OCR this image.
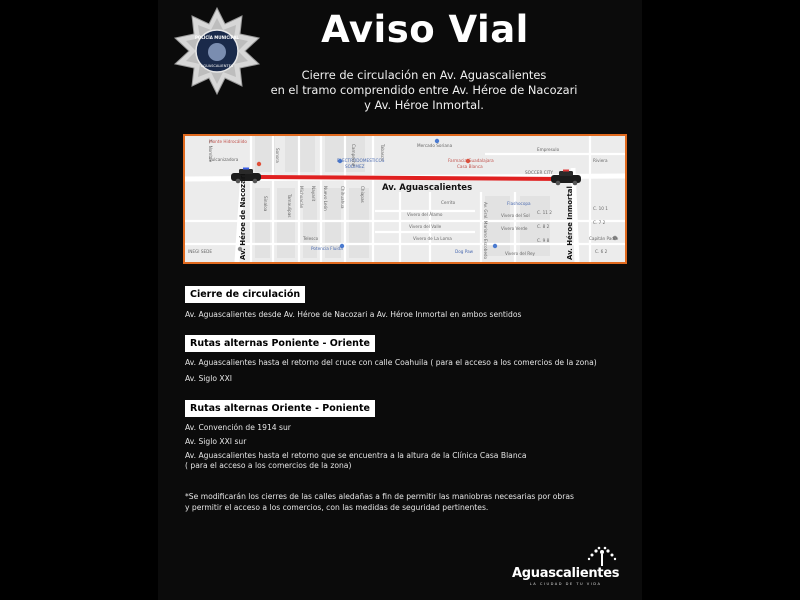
POLICÍA MUNICIPAL
AGUASCALIENTES
Aviso Vial
Cierre de circulación en Av. Aguascalientes
en el tramo comprendido entre Av. Héroe de Nacozari
y Av. Héroe Inmortal.
Monte Hidrocálido
Vulcanizadora	ELECTRODOMESTICOS
SODIMEZ
Mercado Soriana
Farmacia Guadalajara
Casa Blanca
SOCCER CITY
Flashocopa
Potencia Fluida
Dog Paw
INEGI SEDE
Empresulo
Riviera
Vivero del Álamo
Vivero del Valle
Vivero de La Loma
Vivero Verde
Vivero del Sol
Vivero del Rey
Capitán Padre
Telesco
Cerrito
Sonora
Sinaloa	Tamaulipas Michoacán Nayarit Nuevo León	Chihuahua	Chiapas
Campeche	Tabasco
Av. Gral. Mariano Escobedo
C. Nombre
C. 11 2
C. 10 1
C. 9 8
C. 8 2
C. 7 2
C. 6 2
Av. Aguascalientes
Av. Héroe de Nacozari	Av. Héroe Inmortal
Cierre de circulación
Av. Aguascalientes desde Av. Héroe de Nacozari a Av. Héroe Inmortal en ambos sentidos
Rutas alternas Poniente - Oriente
Av. Aguascalientes hasta el retorno del cruce con calle Coahuila ( para el acceso a los comercios de la zona)
Av. Siglo XXI
Rutas alternas Oriente - Poniente
Av. Convención de 1914 sur
Av. Siglo XXI sur
Av. Aguascalientes hasta el retorno que se encuentra a la altura de la Clínica Casa Blanca
( para el acceso a los comercios de la zona)
*Se modificarán los cierres de las calles aledañas a fin de permitir las maniobras necesarias por obras
y permitir el acceso a los comercios, con las medidas de seguridad pertinentes.
Aguascalientes
LA CIUDAD DE TU VIDA
